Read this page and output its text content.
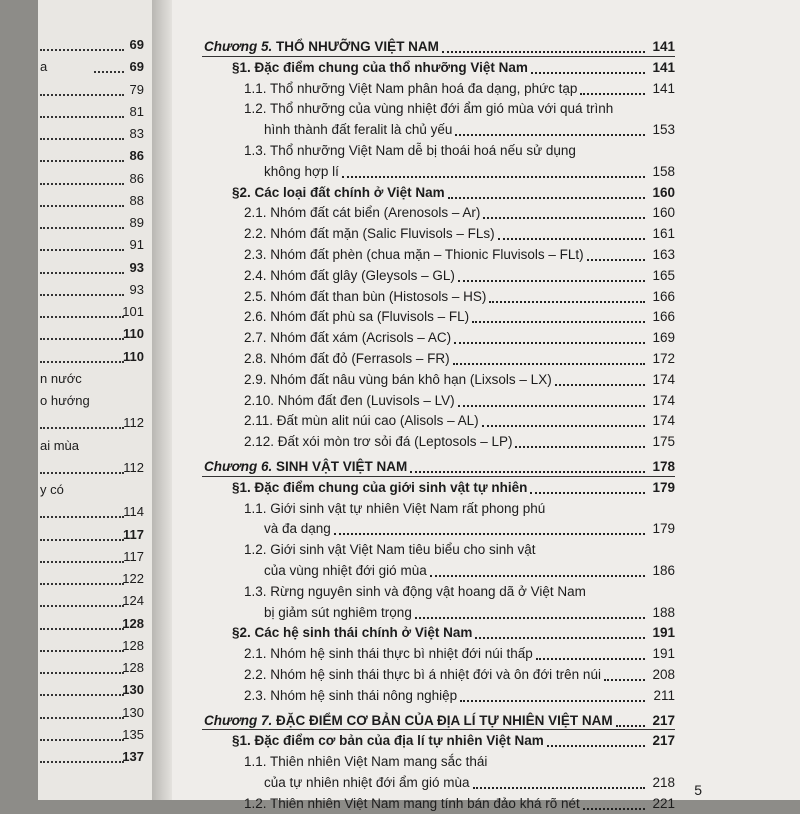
69
a	69
79
81
83
86
86
88
89
91
93
93
101
110
110
n nước
o hướng
112
ai mùa
112
y có
114
117
117
122
124
128
128
128
130
130
135
137
5
Chương 5. THỔ NHƯỠNG VIỆT NAM	141
§1. Đặc điểm chung của thổ nhưỡng Việt Nam	141
1.1. Thổ nhưỡng Việt Nam phân hoá đa dạng, phức tạp	141
1.2. Thổ nhưỡng của vùng nhiệt đới ẩm gió mùa với quá trình
hình thành đất feralit là chủ yếu	153
1.3. Thổ nhưỡng Việt Nam dễ bị thoái hoá nếu sử dụng
không hợp lí	158
§2. Các loại đất chính ở Việt Nam	160
2.1. Nhóm đất cát biển (Arenosols – Ar)	160
2.2. Nhóm đất mặn (Salic Fluvisols – FLs)	161
2.3. Nhóm đất phèn (chua mặn – Thionic Fluvisols – FLt)	163
2.4. Nhóm đất glây (Gleysols – GL)	165
2.5. Nhóm đất than bùn (Histosols – HS)	166
2.6. Nhóm đất phù sa (Fluvisols – FL)	166
2.7. Nhóm đất xám (Acrisols – AC)	169
2.8. Nhóm đất đỏ (Ferrasols – FR)	172
2.9. Nhóm đất nâu vùng bán khô hạn (Lixsols – LX)	174
2.10. Nhóm đất đen (Luvisols – LV)	174
2.11. Đất mùn alit núi cao (Alisols – AL)	174
2.12. Đất xói mòn trơ sỏi đá (Leptosols – LP)	175
Chương 6. SINH VẬT VIỆT NAM	178
§1. Đặc điểm chung của giới sinh vật tự nhiên	179
1.1. Giới sinh vật tự nhiên Việt Nam rất phong phú
và đa dạng	179
1.2. Giới sinh vật Việt Nam tiêu biểu cho sinh vật
của vùng nhiệt đới gió mùa	186
1.3. Rừng nguyên sinh và động vật hoang dã ở Việt Nam
bị giảm sút nghiêm trọng	188
§2. Các hệ sinh thái chính ở Việt Nam	191
2.1. Nhóm hệ sinh thái thực bì nhiệt đới núi thấp	191
2.2. Nhóm hệ sinh thái thực bì á nhiệt đới và ôn đới trên núi	208
2.3. Nhóm hệ sinh thái nông nghiệp	211
Chương 7. ĐẶC ĐIỂM CƠ BẢN CỦA ĐỊA LÍ TỰ NHIÊN VIỆT NAM	217
§1. Đặc điểm cơ bản của địa lí tự nhiên Việt Nam	217
1.1. Thiên nhiên Việt Nam mang sắc thái
của tự nhiên nhiệt đới ẩm gió mùa	218
1.2. Thiên nhiên Việt Nam mang tính bán đảo khá rõ nét	221
